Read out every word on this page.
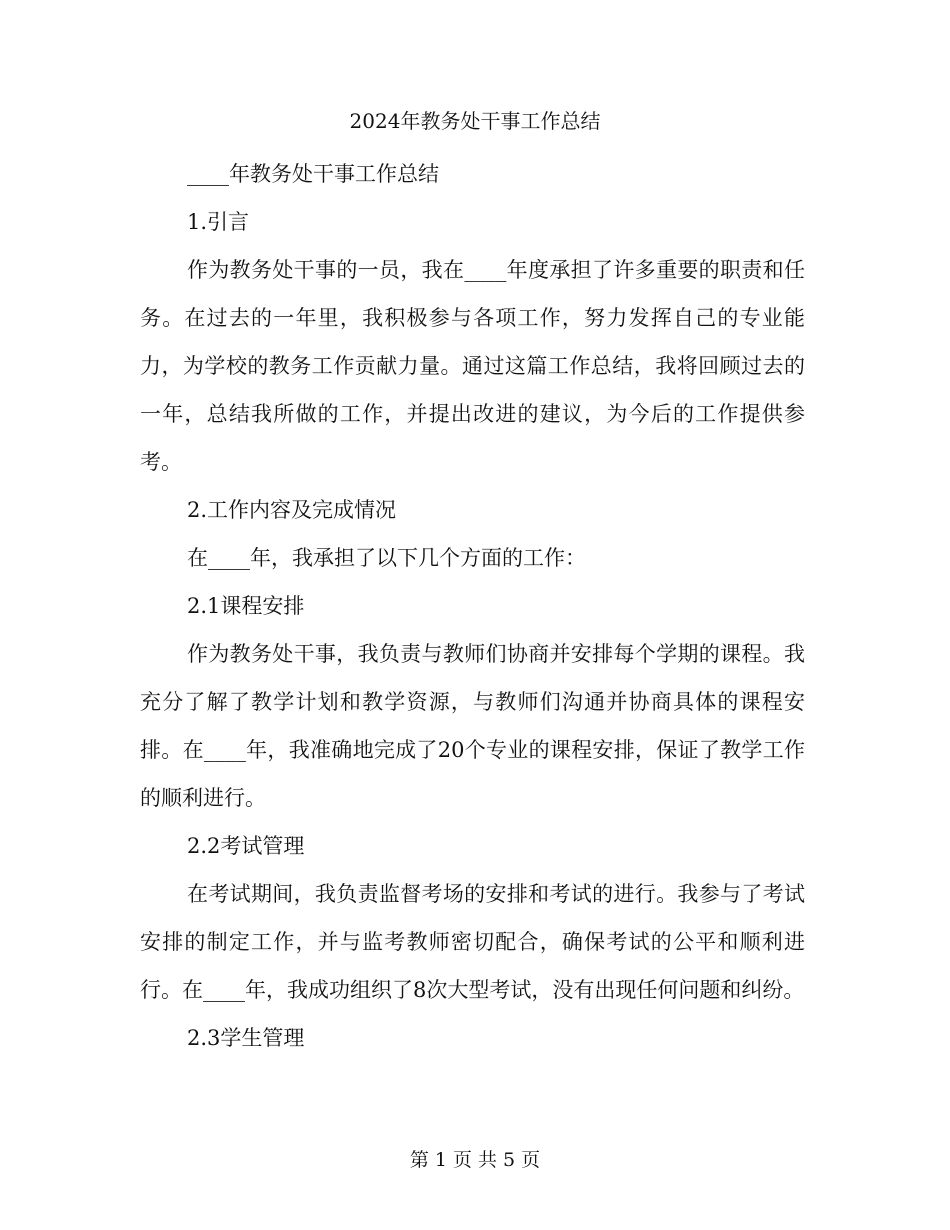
2024年教务处干事工作总结

____年教务处干事工作总结

1.引言

作为教务处干事的一员，我在____年度承担了许多重要的职责和任务。在过去的一年里，我积极参与各项工作，努力发挥自己的专业能力，为学校的教务工作贡献力量。通过这篇工作总结，我将回顾过去的一年，总结我所做的工作，并提出改进的建议，为今后的工作提供参考。

2.工作内容及完成情况

在____年，我承担了以下几个方面的工作：

2.1课程安排

作为教务处干事，我负责与教师们协商并安排每个学期的课程。我充分了解了教学计划和教学资源，与教师们沟通并协商具体的课程安排。在____年，我准确地完成了20个专业的课程安排，保证了教学工作的顺利进行。

2.2考试管理

在考试期间，我负责监督考场的安排和考试的进行。我参与了考试安排的制定工作，并与监考教师密切配合，确保考试的公平和顺利进行。在____年，我成功组织了8次大型考试，没有出现任何问题和纠纷。

2.3学生管理

第 1 页 共 5 页
